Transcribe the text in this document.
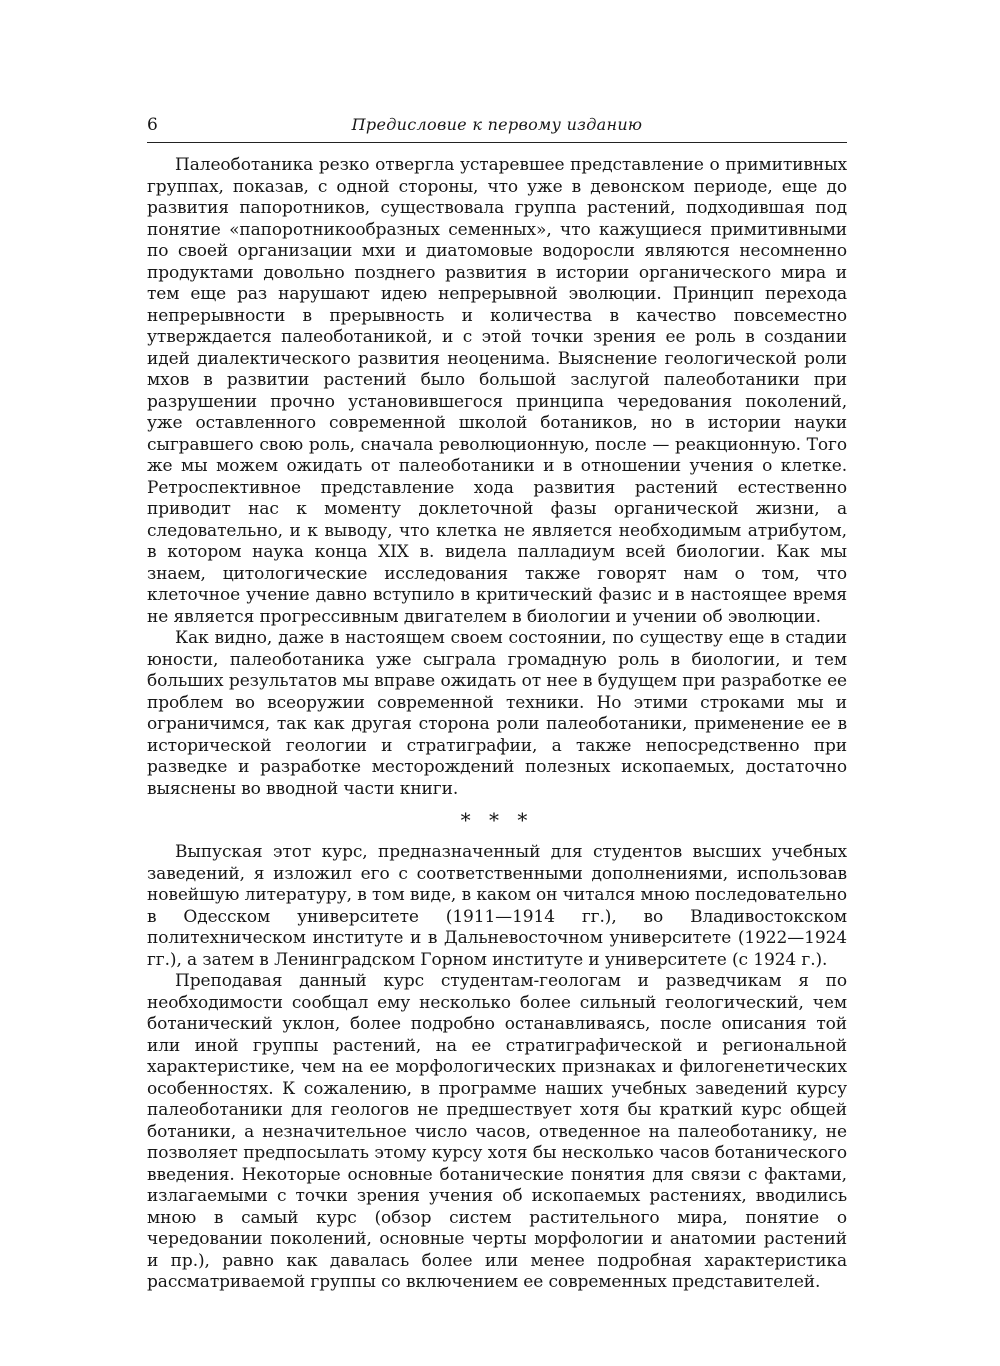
6	Предисловие к первому изданию

Палеоботаника резко отвергла устаревшее представление о примитивных группах, показав, с одной стороны, что уже в девонском периоде, еще до развития папоротников, существовала группа растений, подходившая под понятие «папоротникообразных семенных», что кажущиеся примитивными по своей организации мхи и диатомовые водоросли являются несомненно продуктами довольно позднего развития в истории органического мира и тем еще раз нарушают идею непрерывной эволюции. Принцип перехода непрерывности в прерывность и количества в качество повсеместно утверждается палеоботаникой, и с этой точки зрения ее роль в создании идей диалектического развития неоценима. Выяснение геологической роли мхов в развитии растений было большой заслугой палеоботаники при разрушении прочно установившегося принципа чередования поколений, уже оставленного современной школой ботаников, но в истории науки сыгравшего свою роль, сначала революционную, после — реакционную. Того же мы можем ожидать от палеоботаники и в отношении учения о клетке. Ретроспективное представление хода развития растений естественно приводит нас к моменту доклеточной фазы органической жизни, а следовательно, и к выводу, что клетка не является необходимым атрибутом, в котором наука конца XIX в. видела палладиум всей биологии. Как мы знаем, цитологические исследования также говорят нам о том, что клеточное учение давно вступило в критический фазис и в настоящее время не является прогрессивным двигателем в биологии и учении об эволюции.

Как видно, даже в настоящем своем состоянии, по существу еще в стадии юности, палеоботаника уже сыграла громадную роль в биологии, и тем больших результатов мы вправе ожидать от нее в будущем при разработке ее проблем во всеоружии современной техники. Но этими строками мы и ограничимся, так как другая сторона роли палеоботаники, применение ее в исторической геологии и стратиграфии, а также непосредственно при разведке и разработке месторождений полезных ископаемых, достаточно выяснены во вводной части книги.

* * *

Выпуская этот курс, предназначенный для студентов высших учебных заведений, я изложил его с соответственными дополнениями, использовав новейшую литературу, в том виде, в каком он читался мною последовательно в Одесском университете (1911—1914 гг.), во Владивостокском политехническом институте и в Дальневосточном университете (1922—1924 гг.), а затем в Ленинградском Горном институте и университете (с 1924 г.).

Преподавая данный курс студентам-геологам и разведчикам я по необходимости сообщал ему несколько более сильный геологический, чем ботанический уклон, более подробно останавливаясь, после описания той или иной группы растений, на ее стратиграфической и региональной характеристике, чем на ее морфологических признаках и филогенетических особенностях. К сожалению, в программе наших учебных заведений курсу палеоботаники для геологов не предшествует хотя бы краткий курс общей ботаники, а незначительное число часов, отведенное на палеоботанику, не позволяет предпосылать этому курсу хотя бы несколько часов ботанического введения. Некоторые основные ботанические понятия для связи с фактами, излагаемыми с точки зрения учения об ископаемых растениях, вводились мною в самый курс (обзор систем растительного мира, понятие о чередовании поколений, основные черты морфологии и анатомии растений и пр.), равно как давалась более или менее подробная характеристика рассматриваемой группы со включением ее современных представителей.
